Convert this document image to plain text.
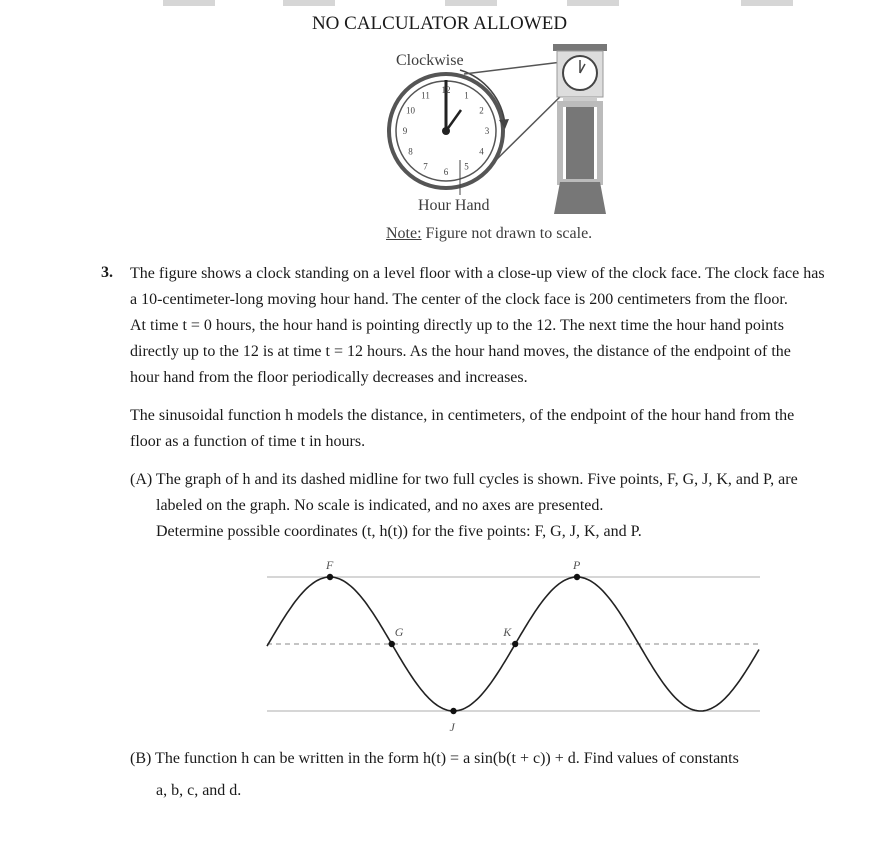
NO CALCULATOR ALLOWED
12
1
2
3
4
5
6
7
8
9
10
11
Clockwise
Hour Hand
Note: Figure not drawn to scale.
3. The figure shows a clock standing on a level floor with a close-up view of the clock face. The clock face has
a 10-centimeter-long moving hour hand. The center of the clock face is 200 centimeters from the floor.
At time t = 0 hours, the hour hand is pointing directly up to the 12. The next time the hour hand points
directly up to the 12 is at time t = 12 hours. As the hour hand moves, the distance of the endpoint of the
hour hand from the floor periodically decreases and increases.
The sinusoidal function h models the distance, in centimeters, of the endpoint of the hour hand from the
floor as a function of time t in hours.
(A) The graph of h and its dashed midline for two full cycles is shown. Five points, F, G, J, K, and P, are
labeled on the graph. No scale is indicated, and no axes are presented.
Determine possible coordinates (t, h(t)) for the five points: F, G, J, K, and P.
F
G
J
K
P
(B) The function h can be written in the form h(t) = a sin(b(t + c)) + d. Find values of constants
a, b, c, and d.
